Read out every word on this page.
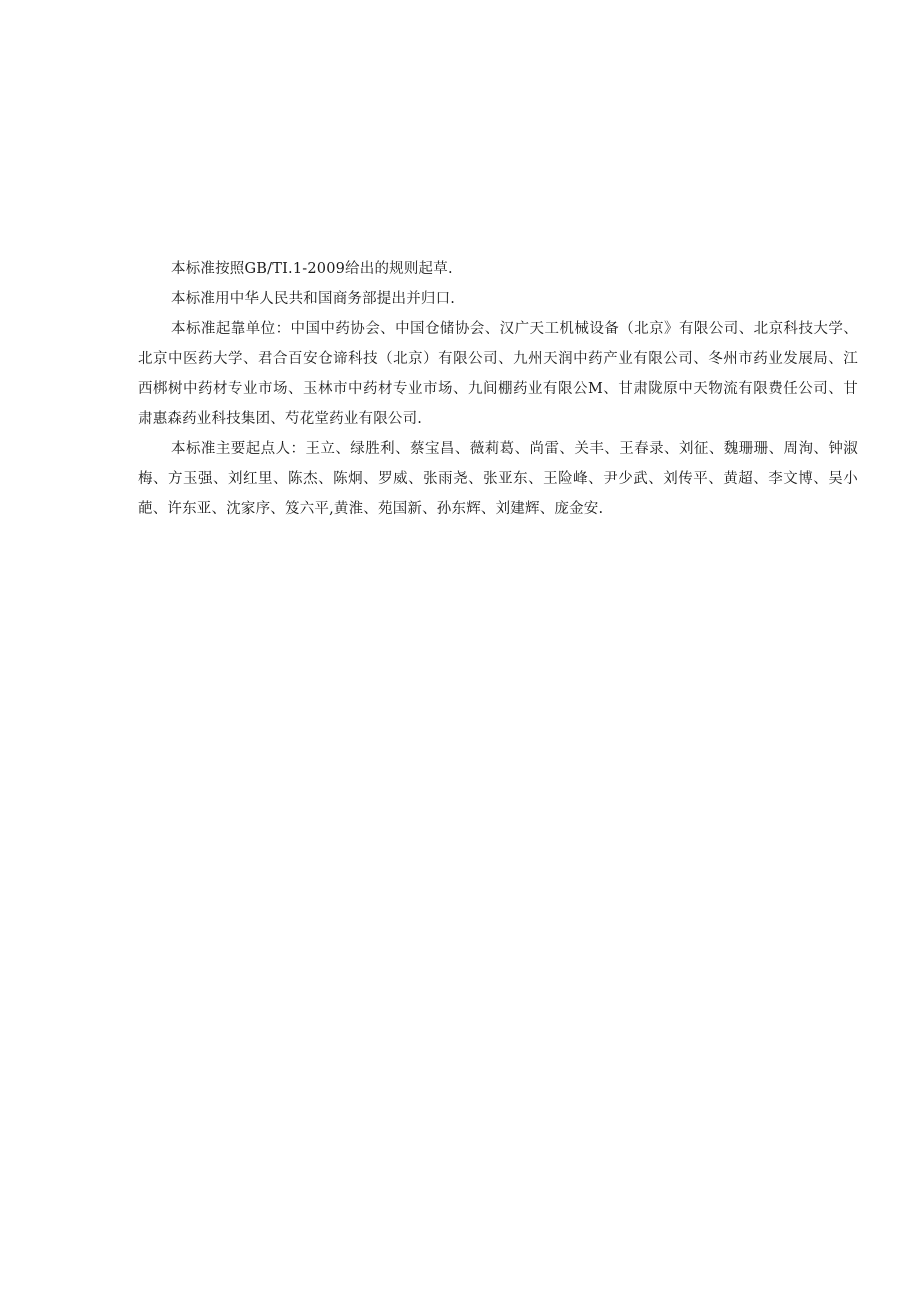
本标准按照GB/TI.1-2009给出的规则起草.

本标准用中华人民共和国商务部提出并归口.

本标准起靠单位：中国中药协会、中国仓储协会、汉广天工机械设备（北京》有限公司、北京科技大学、北京中医药大学、君合百安仓谛科技（北京）有限公司、九州天润中药产业有限公司、冬州市药业发展局、江西梆树中药材专业市场、玉林市中药材专业市场、九间棚药业有限公M、甘肃陇原中天物流有限费任公司、甘肃惠森药业科技集团、芍花堂药业有限公司.

本标准主要起点人：王立、绿胜利、蔡宝昌、薇莉葛、尚雷、关丰、王春录、刘征、魏珊珊、周洵、钟淑梅、方玉强、刘红里、陈杰、陈炯、罗威、张雨尧、张亚东、王险峰、尹少武、刘传平、黄超、李文博、吴小葩、许东亚、沈家序、笈六平,黄淮、苑国新、孙东辉、刘建辉、庞金安.
